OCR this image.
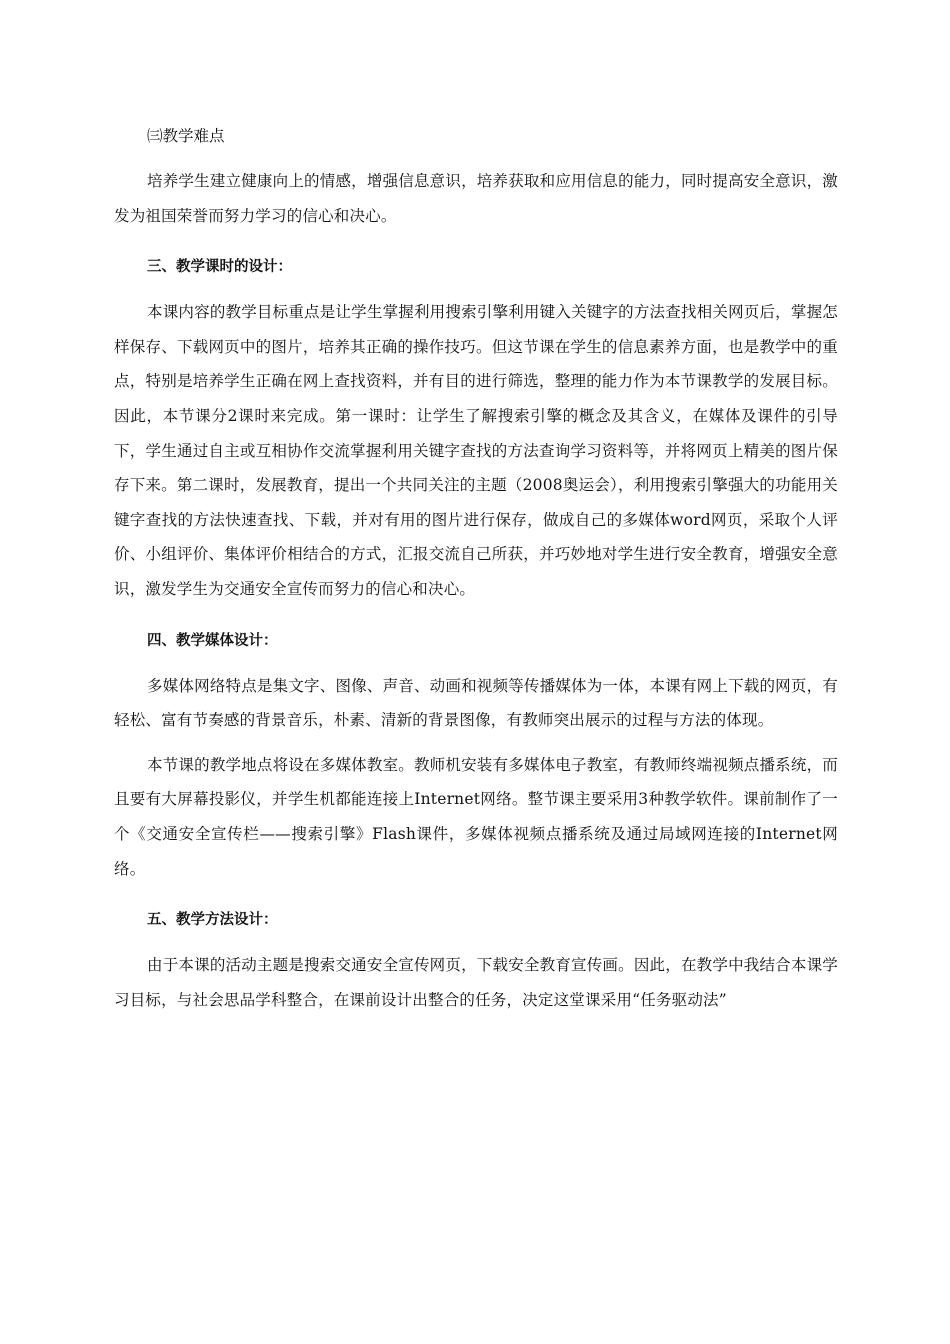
㈢教学难点

培养学生建立健康向上的情感，增强信息意识，培养获取和应用信息的能力，同时提高安全意识，激发为祖国荣誉而努力学习的信心和决心。

三、教学课时的设计：

本课内容的教学目标重点是让学生掌握利用搜索引擎利用键入关键字的方法查找相关网页后，掌握怎样保存、下载网页中的图片，培养其正确的操作技巧。但这节课在学生的信息素养方面，也是教学中的重点，特别是培养学生正确在网上查找资料，并有目的进行筛选，整理的能力作为本节课教学的发展目标。因此，本节课分2课时来完成。第一课时：让学生了解搜索引擎的概念及其含义，在媒体及课件的引导下，学生通过自主或互相协作交流掌握利用关键字查找的方法查询学习资料等，并将网页上精美的图片保存下来。第二课时，发展教育，提出一个共同关注的主题（2008奥运会），利用搜索引擎强大的功能用关键字查找的方法快速查找、下载，并对有用的图片进行保存，做成自己的多媒体word网页，采取个人评价、小组评价、集体评价相结合的方式，汇报交流自己所获，并巧妙地对学生进行安全教育，增强安全意识，激发学生为交通安全宣传而努力的信心和决心。

四、教学媒体设计：

多媒体网络特点是集文字、图像、声音、动画和视频等传播媒体为一体，本课有网上下载的网页，有轻松、富有节奏感的背景音乐，朴素、清新的背景图像，有教师突出展示的过程与方法的体现。

本节课的教学地点将设在多媒体教室。教师机安装有多媒体电子教室，有教师终端视频点播系统，而且要有大屏幕投影仪，并学生机都能连接上Internet网络。整节课主要采用3种教学软件。课前制作了一个《交通安全宣传栏——搜索引擎》Flash课件，多媒体视频点播系统及通过局域网连接的Internet网络。

五、教学方法设计：

由于本课的活动主题是搜索交通安全宣传网页，下载安全教育宣传画。因此，在教学中我结合本课学习目标，与社会思品学科整合，在课前设计出整合的任务，决定这堂课采用“任务驱动法”
